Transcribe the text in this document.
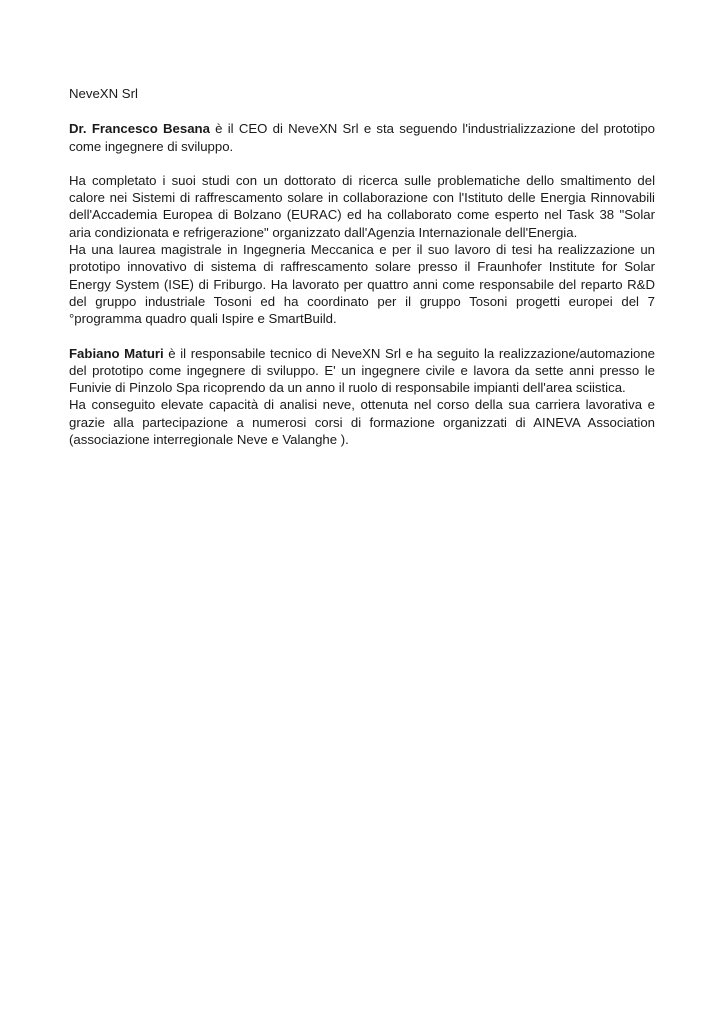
NeveXN Srl

Dr. Francesco Besana è il CEO di NeveXN Srl e sta seguendo l'industrializzazione del prototipo come ingegnere di sviluppo.

Ha completato i suoi studi con un dottorato di ricerca sulle problematiche dello smaltimento del calore nei Sistemi di raffrescamento solare in collaborazione con l'Istituto delle Energia Rinnovabili dell'Accademia Europea di Bolzano (EURAC) ed ha collaborato come esperto nel Task 38 "Solar aria condizionata e refrigerazione" organizzato dall'Agenzia Internazionale dell'Energia.

Ha una laurea magistrale in Ingegneria Meccanica e per il suo lavoro di tesi ha realizzazione un prototipo innovativo di sistema di raffrescamento solare presso il Fraunhofer Institute for Solar Energy System (ISE) di Friburgo. Ha lavorato per quattro anni come responsabile del reparto R&D del gruppo industriale Tosoni ed ha coordinato per il gruppo Tosoni progetti europei del 7 °programma quadro quali Ispire e SmartBuild.

Fabiano Maturi è il responsabile tecnico di NeveXN Srl e ha seguito la realizzazione/automazione del prototipo come ingegnere di sviluppo. E' un ingegnere civile e lavora da sette anni presso le Funivie di Pinzolo Spa ricoprendo da un anno il ruolo di responsabile impianti dell'area sciistica.

Ha conseguito elevate capacità di analisi neve, ottenuta nel corso della sua carriera lavorativa e grazie alla partecipazione a numerosi corsi di formazione organizzati di AINEVA Association (associazione interregionale Neve e Valanghe ).
